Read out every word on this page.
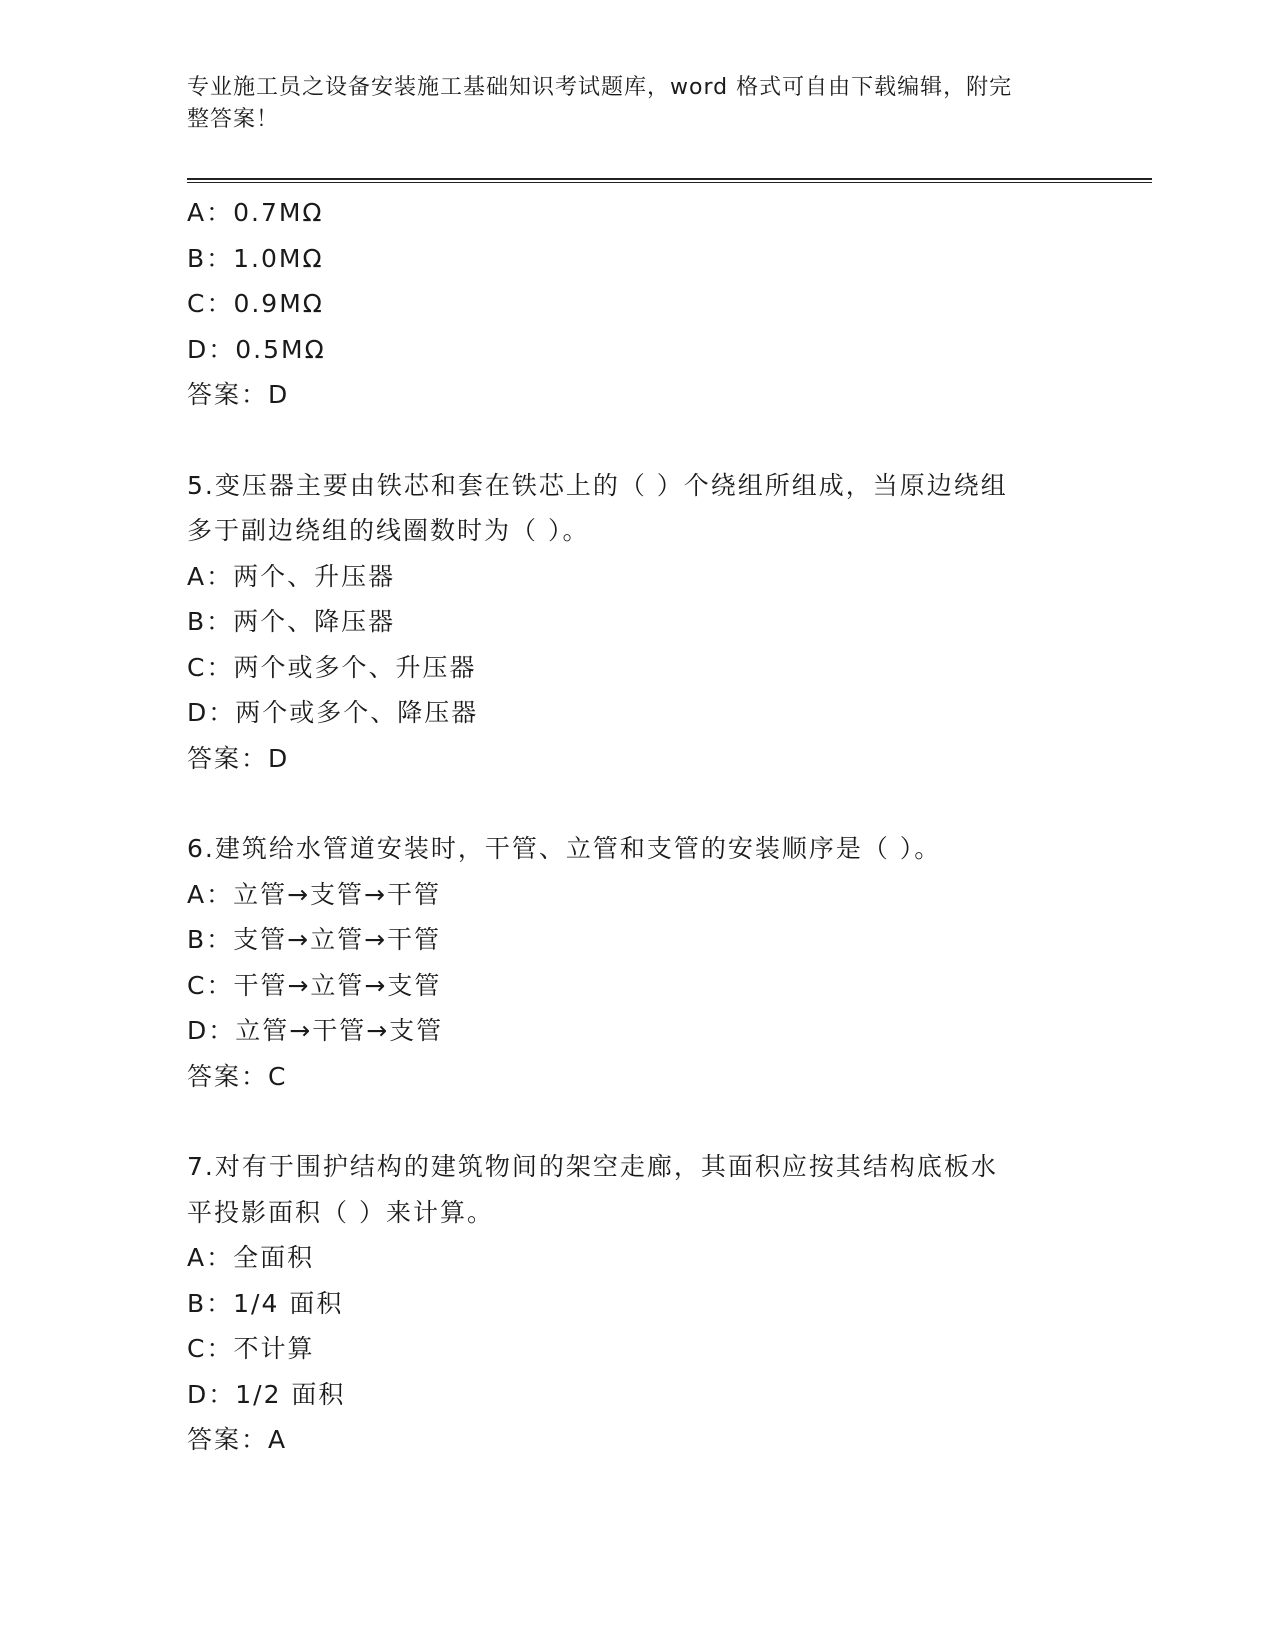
专业施工员之设备安装施工基础知识考试题库，word 格式可自由下载编辑，附完
整答案！
A：0.7MΩ
B：1.0MΩ
C：0.9MΩ
D：0.5MΩ
答案：D
5.变压器主要由铁芯和套在铁芯上的（ ）个绕组所组成，当原边绕组
多于副边绕组的线圈数时为（ ）。
A：两个、升压器
B：两个、降压器
C：两个或多个、升压器
D：两个或多个、降压器
答案：D
6.建筑给水管道安装时，干管、立管和支管的安装顺序是（ ）。
A：立管→支管→干管
B：支管→立管→干管
C：干管→立管→支管
D：立管→干管→支管
答案：C
7.对有于围护结构的建筑物间的架空走廊，其面积应按其结构底板水
平投影面积（ ）来计算。
A：全面积
B：1/4 面积
C：不计算
D：1/2 面积
答案：A
